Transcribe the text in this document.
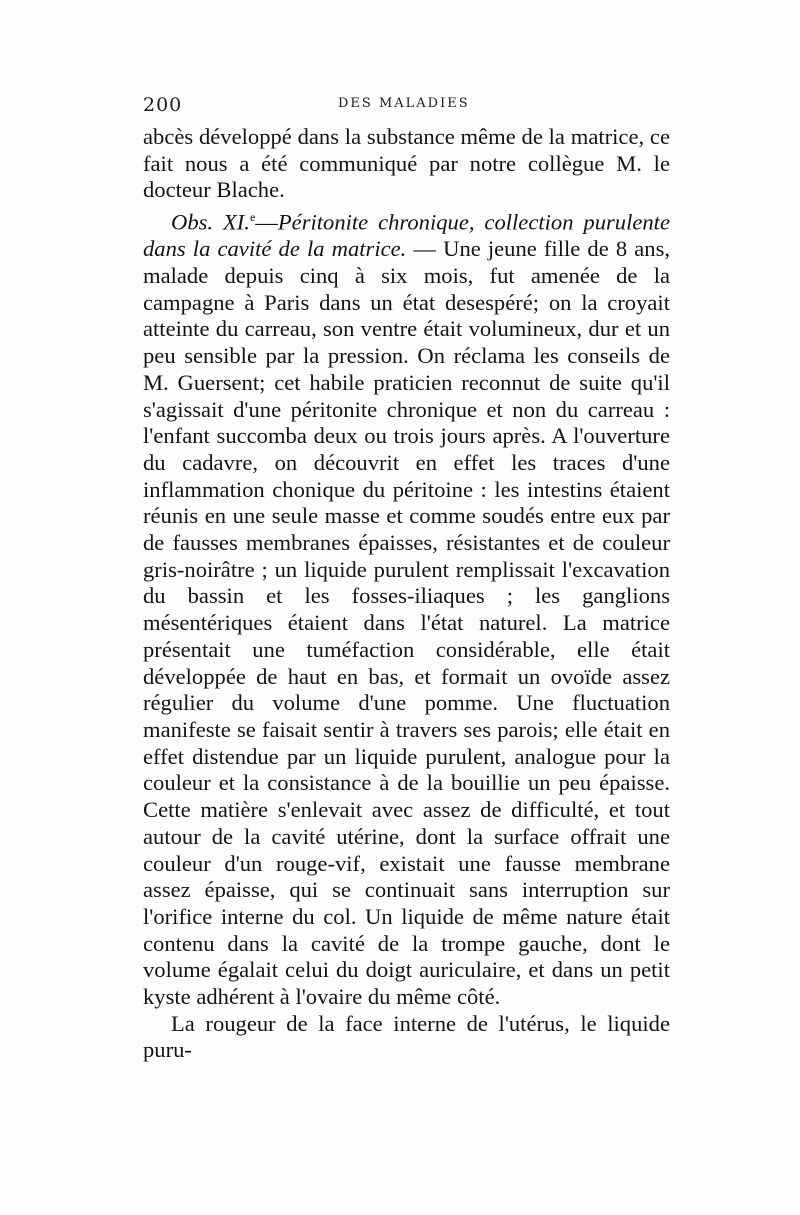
200	DES MALADIES

abcès développé dans la substance même de la matrice, ce fait nous a été communiqué par notre collègue M. le docteur Blache.

Obs. XI.$^e$—Péritonite chronique, collection purulente dans la cavité de la matrice. — Une jeune fille de 8 ans, malade depuis cinq à six mois, fut amenée de la campagne à Paris dans un état desespéré; on la croyait atteinte du carreau, son ventre était volumineux, dur et un peu sensible par la pression. On réclama les conseils de M. Guersent; cet habile praticien reconnut de suite qu'il s'agissait d'une péritonite chronique et non du carreau : l'enfant succomba deux ou trois jours après. A l'ouverture du cadavre, on découvrit en effet les traces d'une inflammation chonique du péritoine : les intestins étaient réunis en une seule masse et comme soudés entre eux par de fausses membranes épaisses, résistantes et de couleur gris-noirâtre ; un liquide purulent remplissait l'excavation du bassin et les fosses-iliaques ; les ganglions mésentériques étaient dans l'état naturel. La matrice présentait une tuméfaction considérable, elle était développée de haut en bas, et formait un ovoïde assez régulier du volume d'une pomme. Une fluctuation manifeste se faisait sentir à travers ses parois; elle était en effet distendue par un liquide purulent, analogue pour la couleur et la consistance à de la bouillie un peu épaisse. Cette matière s'enlevait avec assez de difficulté, et tout autour de la cavité utérine, dont la surface offrait une couleur d'un rouge-vif, existait une fausse membrane assez épaisse, qui se continuait sans interruption sur l'orifice interne du col. Un liquide de même nature était contenu dans la cavité de la trompe gauche, dont le volume égalait celui du doigt auriculaire, et dans un petit kyste adhérent à l'ovaire du même côté.

La rougeur de la face interne de l'utérus, le liquide puru-
